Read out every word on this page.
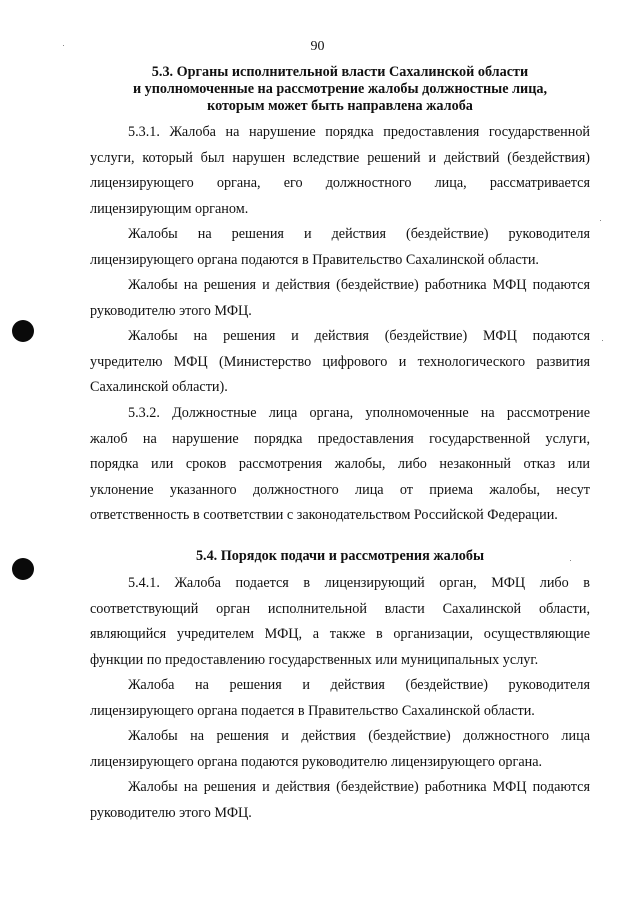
90
5.3. Органы исполнительной власти Сахалинской области
и уполномоченные на рассмотрение жалобы должностные лица,
которым может быть направлена жалоба
5.3.1. Жалоба на нарушение порядка предоставления государственной
услуги, который был нарушен вследствие решений и действий (бездействия)
лицензирующего органа, его должностного лица, рассматривается
лицензирующим органом.
Жалобы на решения и действия (бездействие) руководителя
лицензирующего органа подаются в Правительство Сахалинской области.
Жалобы на решения и действия (бездействие) работника МФЦ подаются
руководителю этого МФЦ.
Жалобы на решения и действия (бездействие) МФЦ подаются
учредителю МФЦ (Министерство цифрового и технологического развития
Сахалинской области).
5.3.2. Должностные лица органа, уполномоченные на рассмотрение
жалоб на нарушение порядка предоставления государственной услуги,
порядка или сроков рассмотрения жалобы, либо незаконный отказ или
уклонение указанного должностного лица от приема жалобы, несут
ответственность в соответствии с законодательством Российской Федерации.
5.4. Порядок подачи и рассмотрения жалобы
5.4.1. Жалоба подается в лицензирующий орган, МФЦ либо в
соответствующий орган исполнительной власти Сахалинской области,
являющийся учредителем МФЦ, а также в организации, осуществляющие
функции по предоставлению государственных или муниципальных услуг.
Жалоба на решения и действия (бездействие) руководителя
лицензирующего органа подается в Правительство Сахалинской области.
Жалобы на решения и действия (бездействие) должностного лица
лицензирующего органа подаются руководителю лицензирующего органа.
Жалобы на решения и действия (бездействие) работника МФЦ подаются
руководителю этого МФЦ.
